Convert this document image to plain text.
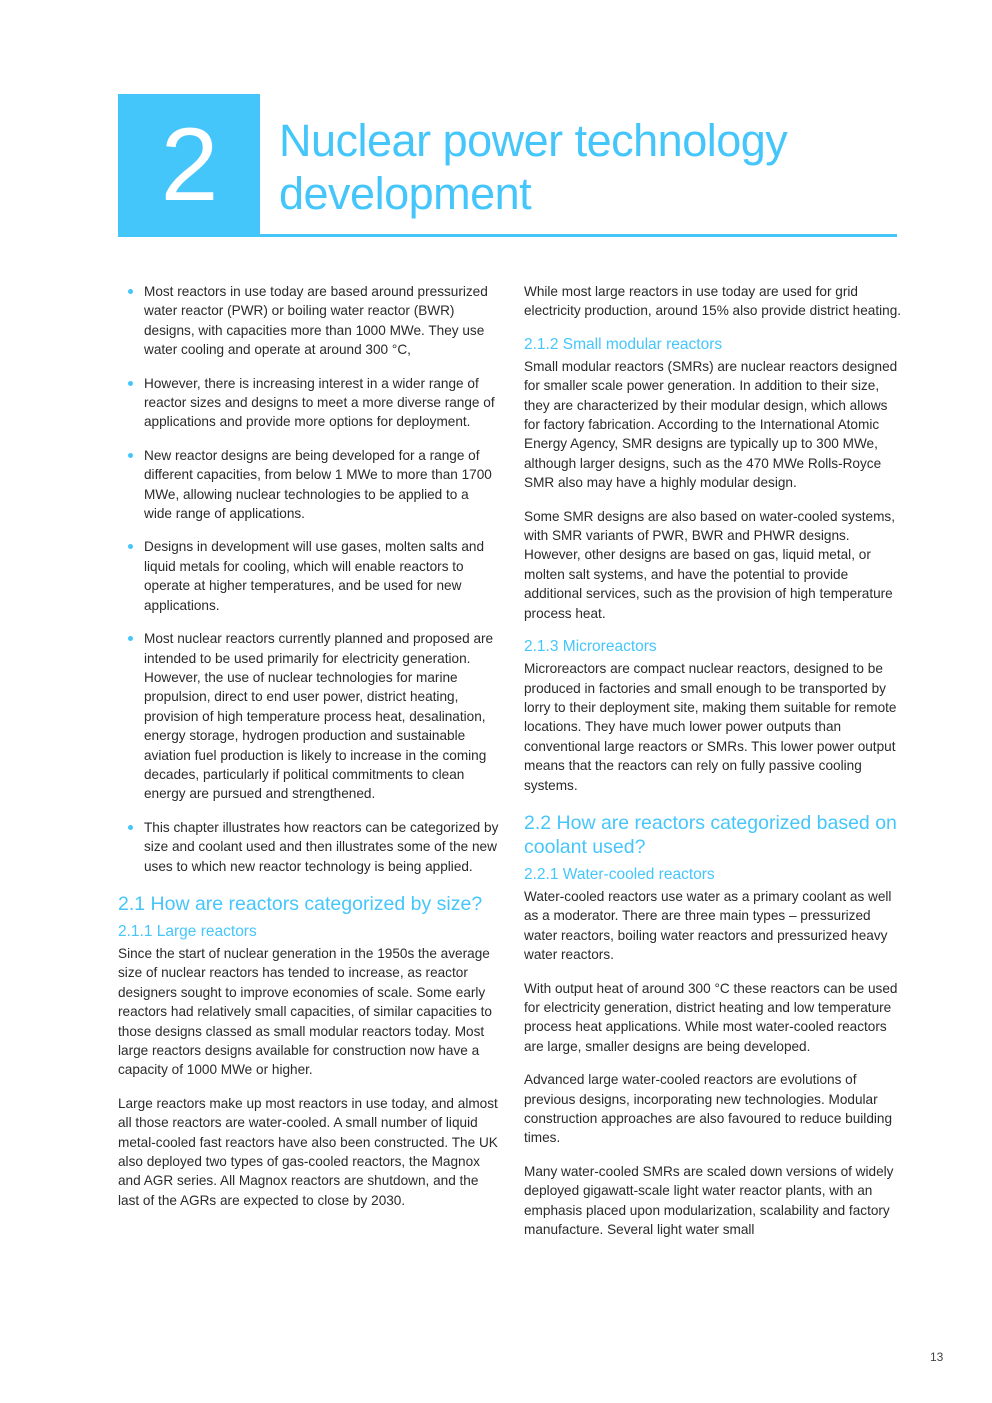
2	Nuclear power technology development
Most reactors in use today are based around pressurized water reactor (PWR) or boiling water reactor (BWR) designs, with capacities more than 1000 MWe. They use water cooling and operate at around 300 °C,
However, there is increasing interest in a wider range of reactor sizes and designs to meet a more diverse range of applications and provide more options for deployment.
New reactor designs are being developed for a range of different capacities, from below 1 MWe to more than 1700 MWe, allowing nuclear technologies to be applied to a wide range of applications.
Designs in development will use gases, molten salts and liquid metals for cooling, which will enable reactors to operate at higher temperatures, and be used for new applications.
Most nuclear reactors currently planned and proposed are intended to be used primarily for electricity generation. However, the use of nuclear technologies for marine propulsion, direct to end user power, district heating, provision of high temperature process heat, desalination, energy storage, hydrogen production and sustainable aviation fuel production is likely to increase in the coming decades, particularly if political commitments to clean energy are pursued and strengthened.
This chapter illustrates how reactors can be categorized by size and coolant used and then illustrates some of the new uses to which new reactor technology is being applied.
2.1 How are reactors categorized by size?
2.1.1 Large reactors

Since the start of nuclear generation in the 1950s the average size of nuclear reactors has tended to increase, as reactor designers sought to improve economies of scale. Some early reactors had relatively small capacities, of similar capacities to those designs classed as small modular reactors today. Most large reactors designs available for construction now have a capacity of 1000 MWe or higher.

Large reactors make up most reactors in use today, and almost all those reactors are water-cooled. A small number of liquid metal-cooled fast reactors have also been constructed. The UK also deployed two types of gas-cooled reactors, the Magnox and AGR series. All Magnox reactors are shutdown, and the last of the AGRs are expected to close by 2030.

While most large reactors in use today are used for grid electricity production, around 15% also provide district heating.

2.1.2 Small modular reactors

Small modular reactors (SMRs) are nuclear reactors designed for smaller scale power generation. In addition to their size, they are characterized by their modular design, which allows for factory fabrication. According to the International Atomic Energy Agency, SMR designs are typically up to 300 MWe, although larger designs, such as the 470 MWe Rolls-Royce SMR also may have a highly modular design.

Some SMR designs are also based on water-cooled systems, with SMR variants of PWR, BWR and PHWR designs. However, other designs are based on gas, liquid metal, or molten salt systems, and have the potential to provide additional services, such as the provision of high temperature process heat.

2.1.3 Microreactors

Microreactors are compact nuclear reactors, designed to be produced in factories and small enough to be transported by lorry to their deployment site, making them suitable for remote locations. They have much lower power outputs than conventional large reactors or SMRs. This lower power output means that the reactors can rely on fully passive cooling systems.

2.2 How are reactors categorized based on coolant used?
2.2.1 Water-cooled reactors

Water-cooled reactors use water as a primary coolant as well as a moderator. There are three main types – pressurized water reactors, boiling water reactors and pressurized heavy water reactors.

With output heat of around 300 °C these reactors can be used for electricity generation, district heating and low temperature process heat applications. While most water-cooled reactors are large, smaller designs are being developed.

Advanced large water-cooled reactors are evolutions of previous designs, incorporating new technologies. Modular construction approaches are also favoured to reduce building times.

Many water-cooled SMRs are scaled down versions of widely deployed gigawatt-scale light water reactor plants, with an emphasis placed upon modularization, scalability and factory manufacture. Several light water small

13
